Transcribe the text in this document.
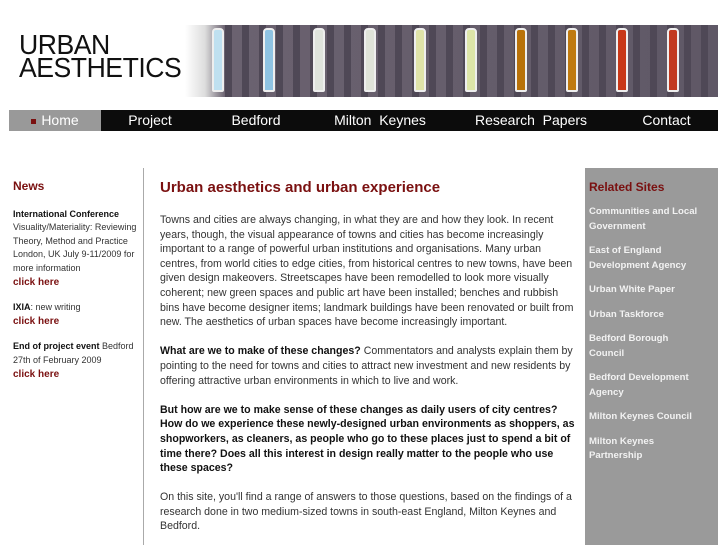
URBAN
AESTHETICS
Home	Project	Bedford	Milton  Keynes	Research  Papers	Contact
News
International Conference
Visuality/Materiality: Reviewing Theory, Method and Practice London, UK July 9-11/2009 for more information
click here
IXIA: new writing
click here
End of project event Bedford 27th of February 2009
click here
Urban aesthetics and urban experience

Towns and cities are always changing, in what they are and how they look. In recent years, though, the visual appearance of towns and cities has become increasingly important to a range of powerful urban institutions and organisations. Many urban centres, from world cities to edge cities, from historical centres to new towns, have been given design makeovers. Streetscapes have been remodelled to look more visually coherent; new green spaces and public art have been installed; benches and rubbish bins have become designer items; landmark buildings have been renovated or built from new. The aesthetics of urban spaces have become increasingly important.

What are we to make of these changes? Commentators and analysts explain them by pointing to the need for towns and cities to attract new investment and new residents by offering attractive urban environments in which to live and work.

But how are we to make sense of these changes as daily users of city centres? How do we experience these newly-designed urban environments as shoppers, as shopworkers, as cleaners, as people who go to these places just to spend a bit of time there? Does all this interest in design really matter to the people who use these spaces?

On this site, you'll find a range of answers to those questions, based on the findings of a research done in two medium-sized towns in south-east England, Milton Keynes and Bedford.

Related Sites
Communities and Local Government
East of England Development Agency
Urban White Paper
Urban Taskforce
Bedford Borough Council
Bedford Development Agency
Milton Keynes Council
Milton Keynes Partnership
